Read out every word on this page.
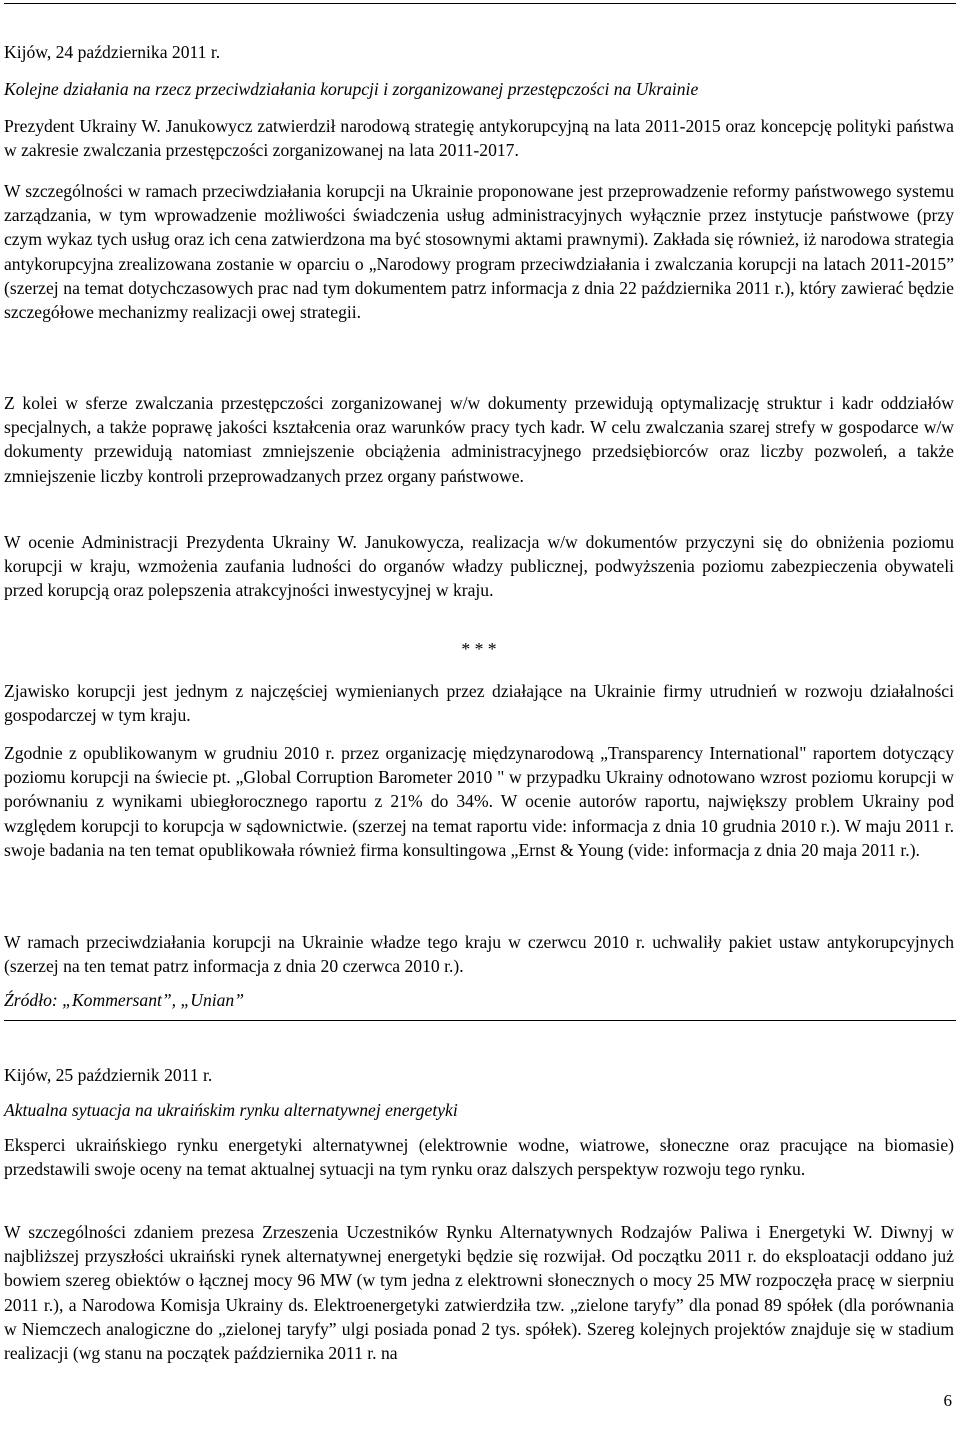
Kijów, 24 października 2011 r.

Kolejne działania na rzecz przeciwdziałania korupcji i zorganizowanej przestępczości na Ukrainie

Prezydent Ukrainy W. Janukowycz zatwierdził narodową strategię antykorupcyjną na lata 2011-2015 oraz koncepcję polityki państwa w zakresie zwalczania przestępczości zorganizowanej na lata 2011-2017.

W szczególności w ramach przeciwdziałania korupcji na Ukrainie proponowane jest przeprowadzenie reformy państwowego systemu zarządzania, w tym wprowadzenie możliwości świadczenia usług administracyjnych wyłącznie przez instytucje państwowe (przy czym wykaz tych usług oraz ich cena zatwierdzona ma być stosownymi aktami prawnymi). Zakłada się również, iż narodowa strategia antykorupcyjna zrealizowana zostanie w oparciu o „Narodowy program przeciwdziałania i zwalczania korupcji na latach 2011-2015” (szerzej na temat dotychczasowych prac nad tym dokumentem patrz informacja z dnia 22 października 2011 r.), który zawierać będzie szczegółowe mechanizmy realizacji owej strategii.

Z kolei w sferze zwalczania przestępczości zorganizowanej w/w dokumenty przewidują optymalizację struktur i kadr oddziałów specjalnych, a także poprawę jakości kształcenia oraz warunków pracy tych kadr. W celu zwalczania szarej strefy w gospodarce w/w dokumenty przewidują natomiast zmniejszenie obciążenia administracyjnego przedsiębiorców oraz liczby pozwoleń, a także zmniejszenie liczby kontroli przeprowadzanych przez organy państwowe.

W ocenie Administracji Prezydenta Ukrainy W. Janukowycza, realizacja w/w dokumentów przyczyni się do obniżenia poziomu korupcji w kraju, wzmożenia zaufania ludności do organów władzy publicznej, podwyższenia poziomu zabezpieczenia obywateli przed korupcją oraz polepszenia atrakcyjności inwestycyjnej w kraju.

* * *

Zjawisko korupcji jest jednym z najczęściej wymienianych przez działające na Ukrainie firmy utrudnień w rozwoju działalności gospodarczej w tym kraju.

Zgodnie z opublikowanym w grudniu 2010 r. przez organizację międzynarodową „Transparency International" raportem dotyczący poziomu korupcji na świecie pt. „Global Corruption Barometer 2010 " w przypadku Ukrainy odnotowano wzrost poziomu korupcji w porównaniu z wynikami ubiegłorocznego raportu z 21% do 34%. W ocenie autorów raportu, największy problem Ukrainy pod względem korupcji to korupcja w sądownictwie. (szerzej na temat raportu vide: informacja z dnia 10 grudnia 2010 r.). W maju 2011 r. swoje badania na ten temat opublikowała również firma konsultingowa „Ernst & Young (vide: informacja z dnia 20 maja 2011 r.).

W ramach przeciwdziałania korupcji na Ukrainie władze tego kraju w czerwcu 2010 r. uchwaliły pakiet ustaw antykorupcyjnych (szerzej na ten temat patrz informacja z dnia 20 czerwca 2010 r.).

Źródło: „Kommersant”, „Unian”

Kijów, 25 październik 2011 r.

Aktualna sytuacja na ukraińskim rynku alternatywnej energetyki

Eksperci ukraińskiego rynku energetyki alternatywnej (elektrownie wodne, wiatrowe, słoneczne oraz pracujące na biomasie) przedstawili swoje oceny na temat aktualnej sytuacji na tym rynku oraz dalszych perspektyw rozwoju tego rynku.

W szczególności zdaniem prezesa Zrzeszenia Uczestników Rynku Alternatywnych Rodzajów Paliwa i Energetyki W. Diwnyj w najbliższej przyszłości ukraiński rynek alternatywnej energetyki będzie się rozwijał. Od początku 2011 r. do eksploatacji oddano już bowiem szereg obiektów o łącznej mocy 96 MW (w tym jedna z elektrowni słonecznych o mocy 25 MW rozpoczęła pracę w sierpniu 2011 r.), a Narodowa Komisja Ukrainy ds. Elektroenergetyki zatwierdziła tzw. „zielone taryfy” dla ponad 89 spółek (dla porównania w Niemczech analogiczne do „zielonej taryfy” ulgi posiada ponad 2 tys. spółek). Szereg kolejnych projektów znajduje się w stadium realizacji (wg stanu na początek października 2011 r. na

6
